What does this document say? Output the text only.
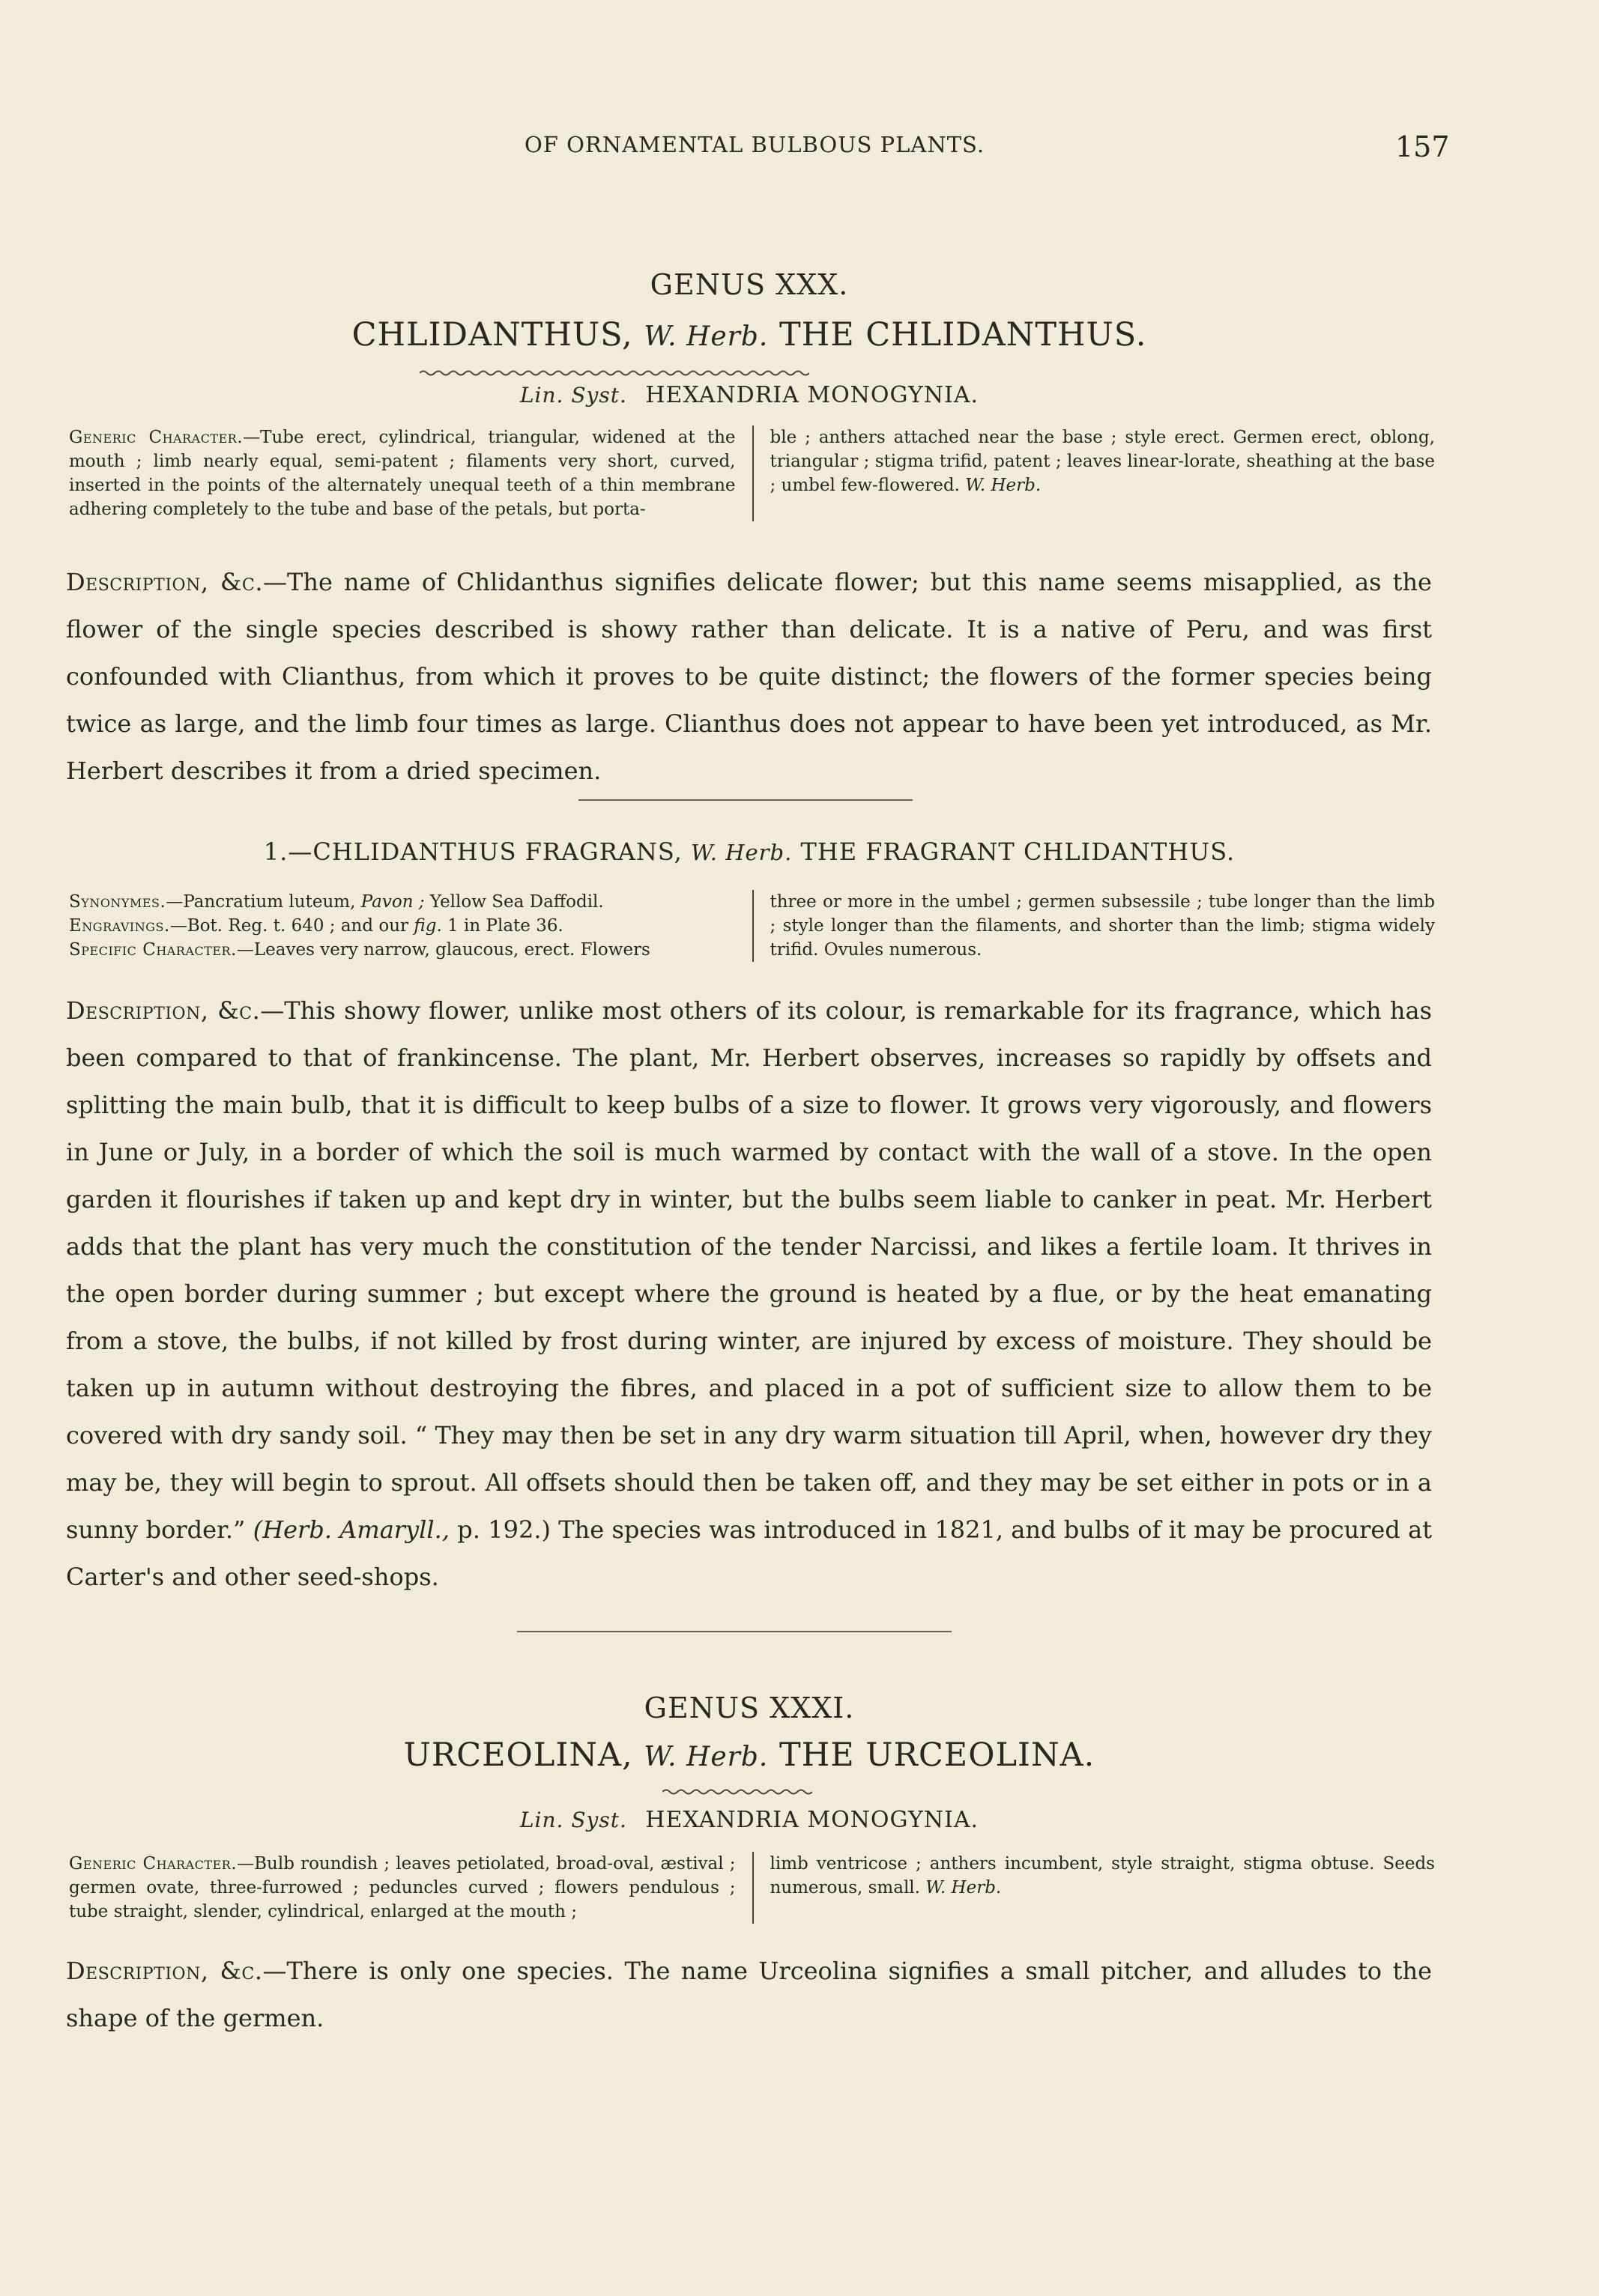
OF ORNAMENTAL BULBOUS PLANTS.	157
GENUS XXX.
CHLIDANTHUS, W. Herb. THE CHLIDANTHUS.
Lin. Syst. HEXANDRIA MONOGYNIA.
Generic Character.—Tube erect, cylindrical, triangular, widened at the mouth ; limb nearly equal, semi-patent ; filaments very short, curved, inserted in the points of the alternately unequal teeth of a thin membrane adhering completely to the tube and base of the petals, but porta-
ble ; anthers attached near the base ; style erect. Germen erect, oblong, triangular ; stigma trifid, patent ; leaves linear-lorate, sheathing at the base ; umbel few-flowered. W. Herb.
Description, &c.—The name of Chlidanthus signifies delicate flower; but this name seems misapplied, as the flower of the single species described is showy rather than delicate. It is a native of Peru, and was first confounded with Clianthus, from which it proves to be quite distinct; the flowers of the former species being twice as large, and the limb four times as large. Clianthus does not appear to have been yet introduced, as Mr. Herbert describes it from a dried specimen.
1.—CHLIDANTHUS FRAGRANS, W. Herb. THE FRAGRANT CHLIDANTHUS.
Synonymes.—Pancratium luteum, Pavon ; Yellow Sea Daffodil.
Engravings.—Bot. Reg. t. 640 ; and our fig. 1 in Plate 36.
Specific Character.—Leaves very narrow, glaucous, erect. Flowers
three or more in the umbel ; germen subsessile ; tube longer than the limb ; style longer than the filaments, and shorter than the limb; stigma widely trifid. Ovules numerous.
Description, &c.—This showy flower, unlike most others of its colour, is remarkable for its fragrance, which has been compared to that of frankincense. The plant, Mr. Herbert observes, increases so rapidly by offsets and splitting the main bulb, that it is difficult to keep bulbs of a size to flower. It grows very vigorously, and flowers in June or July, in a border of which the soil is much warmed by contact with the wall of a stove. In the open garden it flourishes if taken up and kept dry in winter, but the bulbs seem liable to canker in peat. Mr. Herbert adds that the plant has very much the constitution of the tender Narcissi, and likes a fertile loam. It thrives in the open border during summer ; but except where the ground is heated by a flue, or by the heat emanating from a stove, the bulbs, if not killed by frost during winter, are injured by excess of moisture. They should be taken up in autumn without destroying the fibres, and placed in a pot of sufficient size to allow them to be covered with dry sandy soil. “ They may then be set in any dry warm situation till April, when, however dry they may be, they will begin to sprout. All offsets should then be taken off, and they may be set either in pots or in a sunny border.” (Herb. Amaryll., p. 192.) The species was introduced in 1821, and bulbs of it may be procured at Carter's and other seed-shops.
GENUS XXXI.
URCEOLINA, W. Herb. THE URCEOLINA.
Lin. Syst. HEXANDRIA MONOGYNIA.
Generic Character.—Bulb roundish ; leaves petiolated, broad-oval, æstival ; germen ovate, three-furrowed ; peduncles curved ; flowers pendulous ; tube straight, slender, cylindrical, enlarged at the mouth ;
limb ventricose ; anthers incumbent, style straight, stigma obtuse. Seeds numerous, small. W. Herb.
Description, &c.—There is only one species. The name Urceolina signifies a small pitcher, and alludes to the shape of the germen.
